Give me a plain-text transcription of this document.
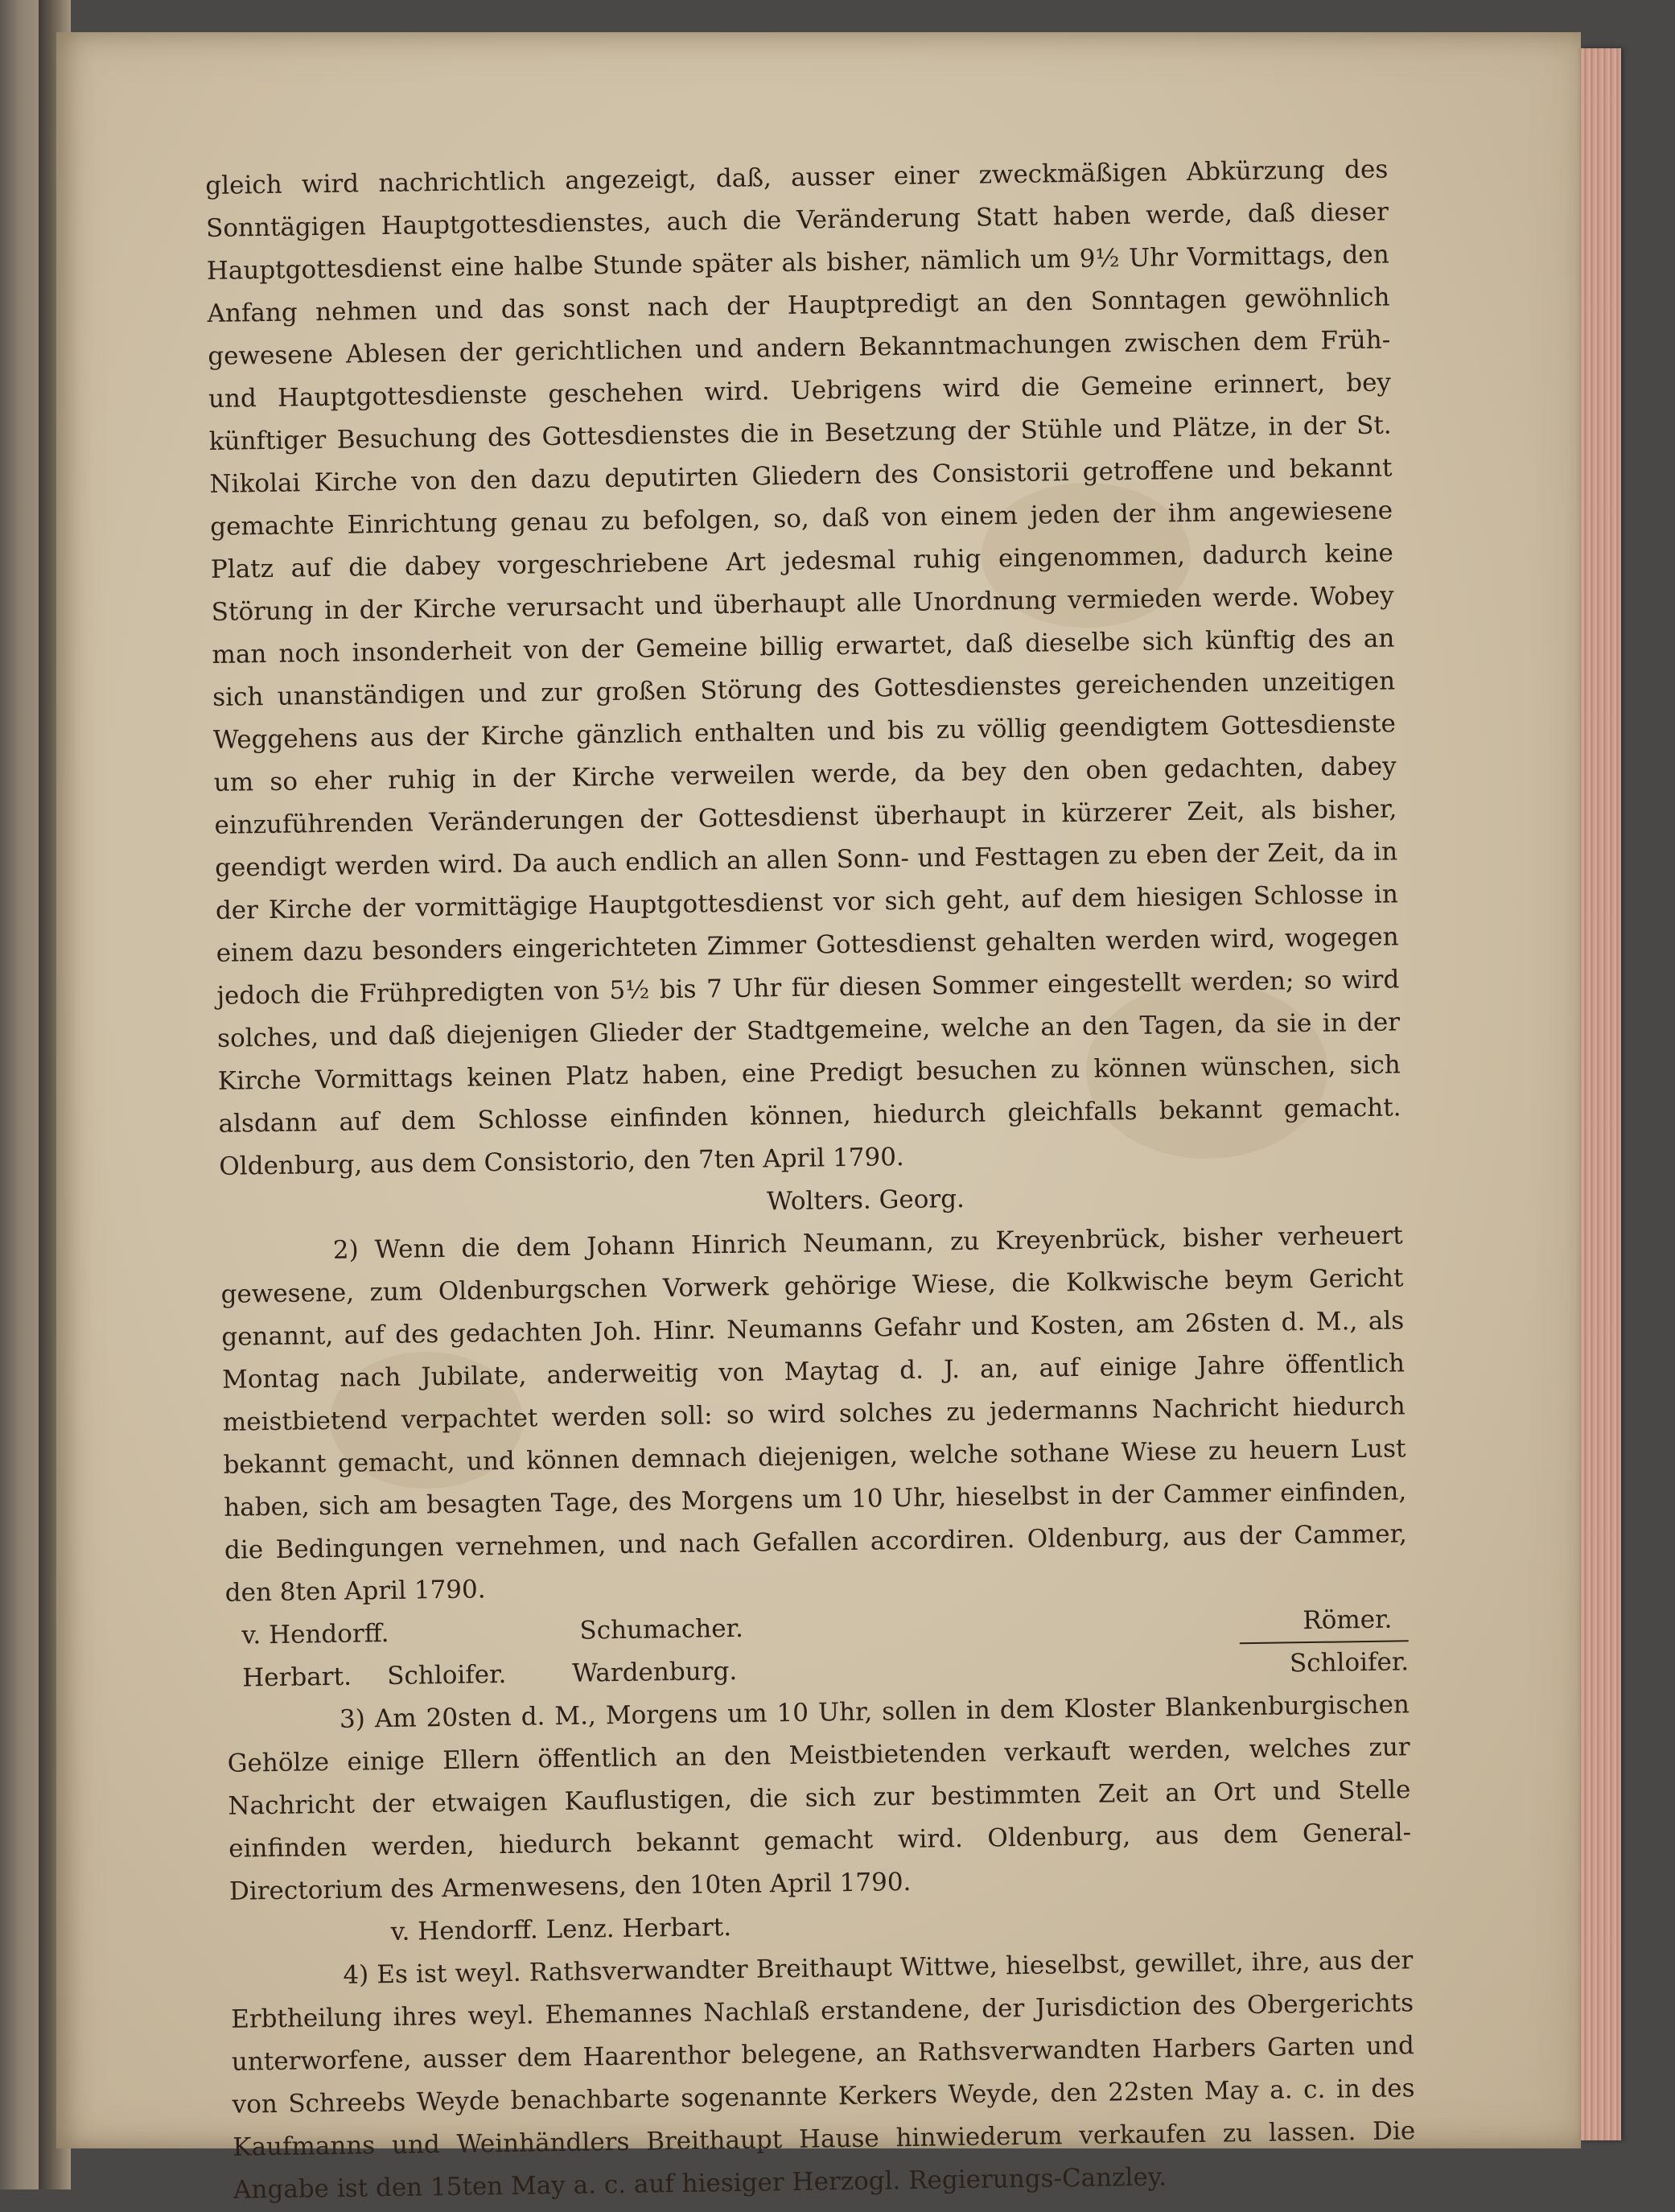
gleich wird nachrichtlich angezeigt, daß, ausser einer zweckmäßigen Abkürzung des Sonntägigen Hauptgottesdienstes, auch die Veränderung Statt haben werde, daß dieser Hauptgottesdienst eine halbe Stunde später als bisher, nämlich um 9½ Uhr Vormittags, den Anfang nehmen und das sonst nach der Hauptpredigt an den Sonntagen gewöhnlich gewesene Ablesen der gerichtlichen und andern Bekanntmachungen zwischen dem Früh- und Hauptgottesdienste geschehen wird. Uebrigens wird die Gemeine erinnert, bey künftiger Besuchung des Gottesdienstes die in Besetzung der Stühle und Plätze, in der St. Nikolai Kirche von den dazu deputirten Gliedern des Consistorii getroffene und bekannt gemachte Einrichtung genau zu befolgen, so, daß von einem jeden der ihm angewiesene Platz auf die dabey vorgeschriebene Art jedesmal ruhig eingenommen, dadurch keine Störung in der Kirche verursacht und überhaupt alle Unordnung vermieden werde. Wobey man noch insonderheit von der Gemeine billig erwartet, daß dieselbe sich künftig des an sich unanständigen und zur großen Störung des Gottesdienstes gereichenden unzeitigen Weggehens aus der Kirche gänzlich enthalten und bis zu völlig geendigtem Gottesdienste um so eher ruhig in der Kirche verweilen werde, da bey den oben gedachten, dabey einzuführenden Veränderungen der Gottesdienst überhaupt in kürzerer Zeit, als bisher, geendigt werden wird. Da auch endlich an allen Sonn- und Festtagen zu eben der Zeit, da in der Kirche der vormittägige Hauptgottesdienst vor sich geht, auf dem hiesigen Schlosse in einem dazu besonders eingerichteten Zimmer Gottesdienst gehalten werden wird, wogegen jedoch die Frühpredigten von 5½ bis 7 Uhr für diesen Sommer eingestellt werden; so wird solches, und daß diejenigen Glieder der Stadtgemeine, welche an den Tagen, da sie in der Kirche Vormittags keinen Platz haben, eine Predigt besuchen zu können wünschen, sich alsdann auf dem Schlosse einfinden können, hiedurch gleichfalls bekannt gemacht. Oldenburg, aus dem Consistorio, den 7ten April 1790.

Wolters. Georg.

2) Wenn die dem Johann Hinrich Neumann, zu Kreyenbrück, bisher verheuert gewesene, zum Oldenburgschen Vorwerk gehörige Wiese, die Kolkwische beym Gericht genannt, auf des gedachten Joh. Hinr. Neumanns Gefahr und Kosten, am 26sten d. M., als Montag nach Jubilate, anderweitig von Maytag d. J. an, auf einige Jahre öffentlich meistbietend verpachtet werden soll: so wird solches zu jedermanns Nachricht hiedurch bekannt gemacht, und können demnach diejenigen, welche sothane Wiese zu heuern Lust haben, sich am besagten Tage, des Morgens um 10 Uhr, hieselbst in der Cammer einfinden, die Bedingungen vernehmen, und nach Gefallen accordiren. Oldenburg, aus der Cammer, den 8ten April 1790.

v. Hendorff.	Schumacher.	Römer.
Herbart. Schloifer.	Wardenburg.	Schloifer.

3) Am 20sten d. M., Morgens um 10 Uhr, sollen in dem Kloster Blankenburgischen Gehölze einige Ellern öffentlich an den Meistbietenden verkauft werden, welches zur Nachricht der etwaigen Kauflustigen, die sich zur bestimmten Zeit an Ort und Stelle einfinden werden, hiedurch bekannt gemacht wird. Oldenburg, aus dem General-Directorium des Armenwesens, den 10ten April 1790.

v. Hendorff. Lenz. Herbart.

4) Es ist weyl. Rathsverwandter Breithaupt Wittwe, hieselbst, gewillet, ihre, aus der Erbtheilung ihres weyl. Ehemannes Nachlaß erstandene, der Jurisdiction des Obergerichts unterworfene, ausser dem Haarenthor belegene, an Rathsverwandten Harbers Garten und von Schreebs Weyde benachbarte sogenannte Kerkers Weyde, den 22sten May a. c. in des Kaufmanns und Weinhändlers Breithaupt Hause hinwiederum verkaufen zu lassen. Die Angabe ist den 15ten May a. c. auf hiesiger Herzogl. Regierungs-Canzley.
